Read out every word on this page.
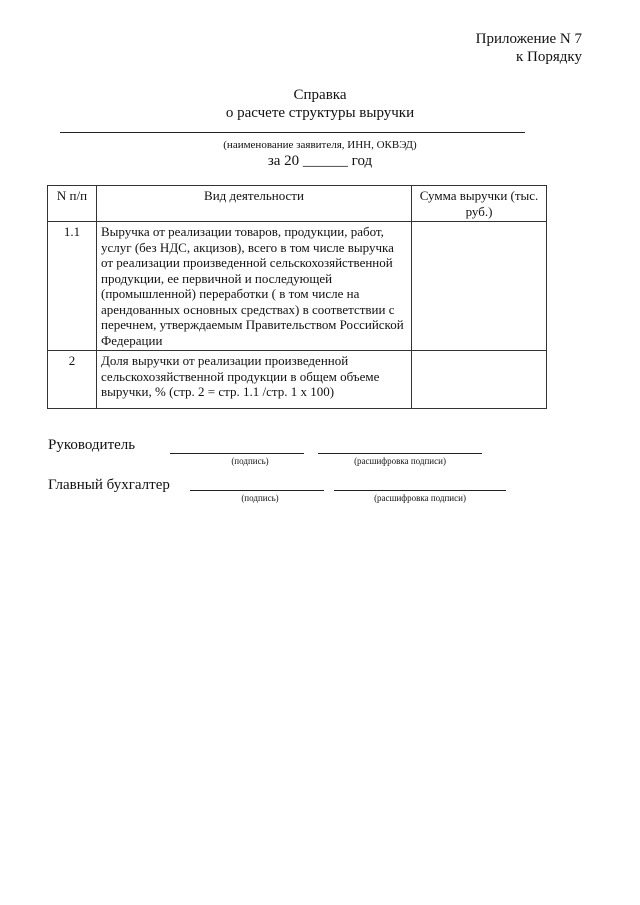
Приложение N 7
к Порядку
Справка
о расчете структуры выручки
(наименование заявителя, ИНН, ОКВЭД)
за 20 ______ год
N п/п	Вид деятельности	Сумма выручки (тыс. руб.)
1.1	Выручка от реализации товаров, продукции, работ, услуг (без НДС, акцизов), всего в том числе выручка от реализации произведенной сельскохозяйственной продукции, ее первичной и последующей (промышленной) переработки ( в том числе на арендованных основных средствах) в соответствии с перечнем, утверждаемым Правительством Российской Федерации	
2	Доля выручки от реализации произведенной сельскохозяйственной продукции в общем объеме выручки, % (стр. 2 = стр. 1.1 /стр. 1 x 100)	
Руководитель
(подпись)	(расшифровка подписи)
Главный бухгалтер
(подпись)	(расшифровка подписи)
